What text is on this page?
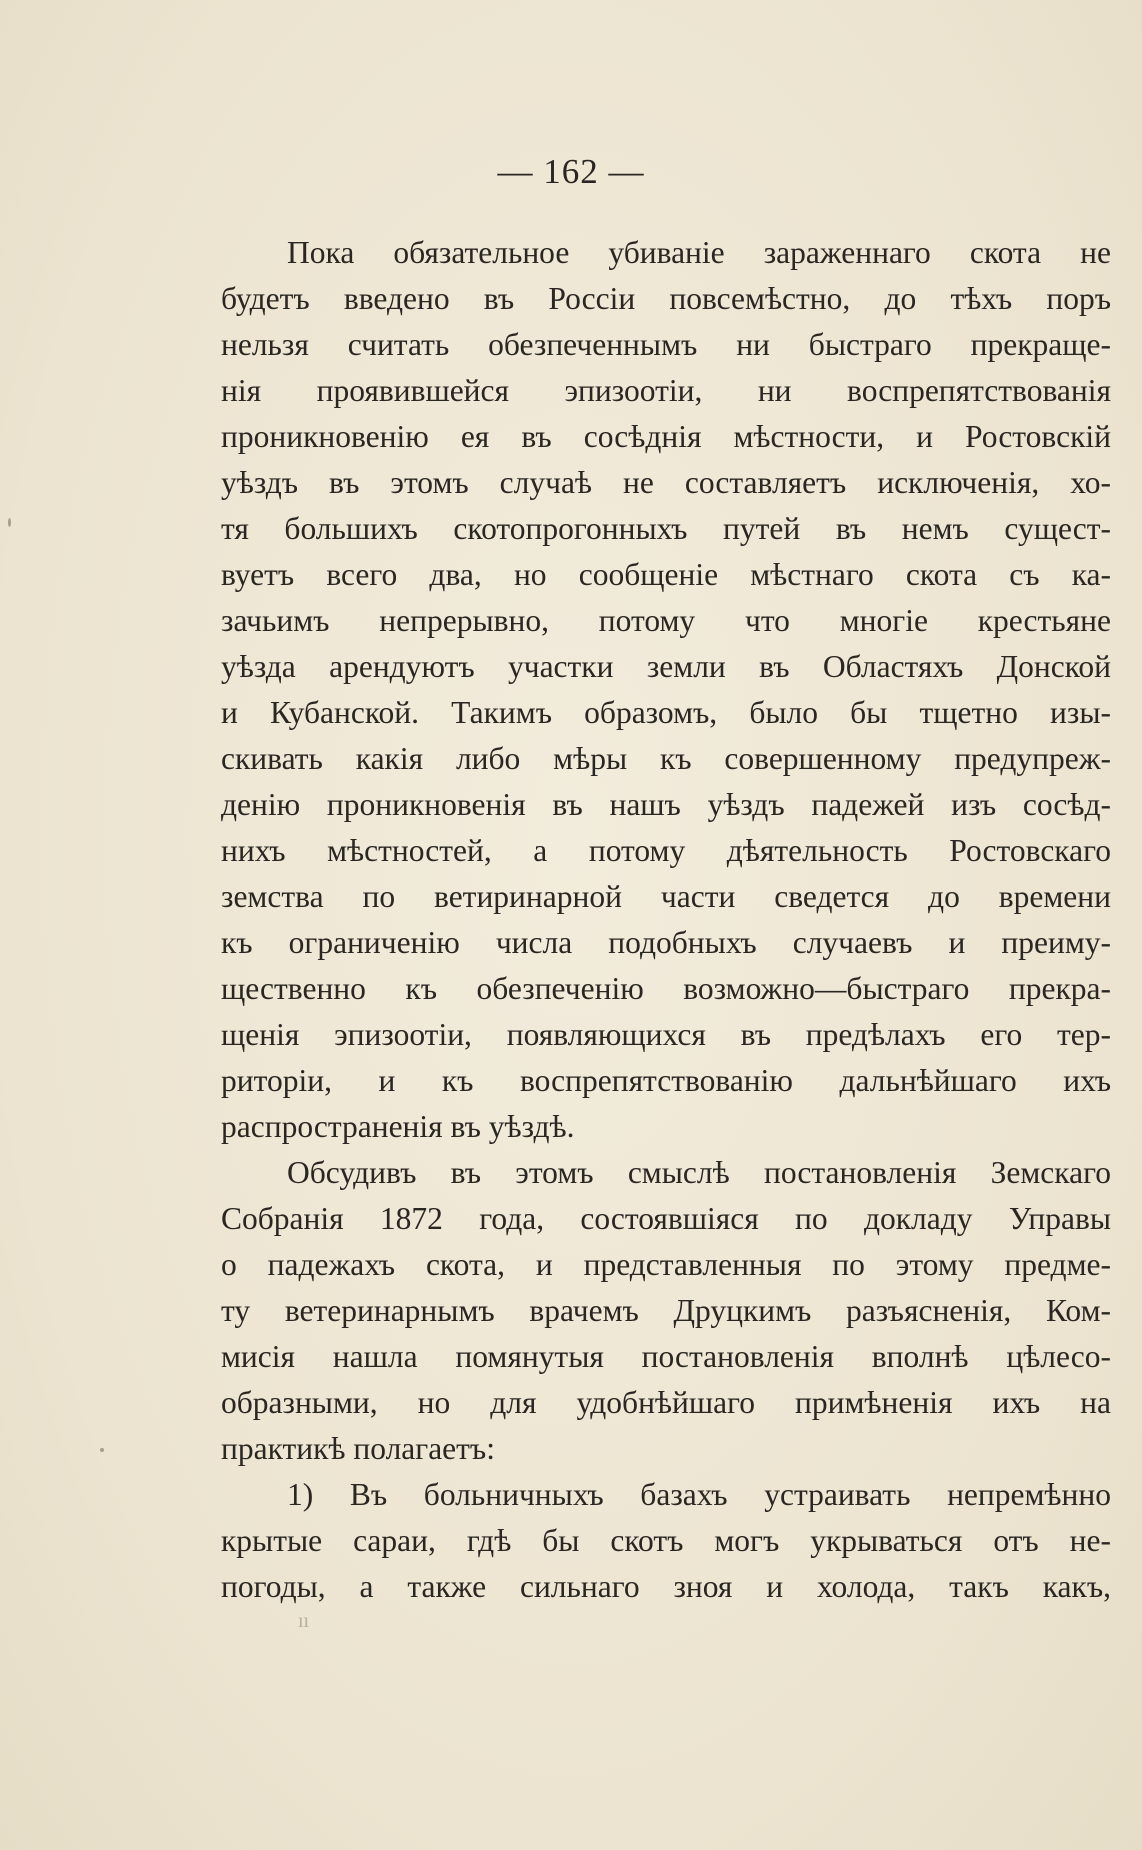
— 162 —
Пока обязательное убиваніе зараженнаго скота не
будетъ введено въ Россіи повсемѣстно, до тѣхъ поръ
нельзя считать обезпеченнымъ ни быстраго прекраще-
нія проявившейся эпизоотіи, ни воспрепятствованія
проникновенію ея въ сосѣднія мѣстности, и Ростовскій
уѣздъ въ этомъ случаѣ не составляетъ исключенія, хо-
тя большихъ скотопрогонныхъ путей въ немъ сущест-
вуетъ всего два, но сообщеніе мѣстнаго скота съ ка-
зачьимъ непрерывно, потому что многіе крестьяне
уѣзда арендуютъ участки земли въ Областяхъ Донской
и Кубанской. Такимъ образомъ, было бы тщетно изы-
скивать какія либо мѣры къ совершенному предупреж-
денію проникновенія въ нашъ уѣздъ падежей изъ сосѣд-
нихъ мѣстностей, а потому дѣятельность Ростовскаго
земства по ветиринарной части сведется до времени
къ ограниченію числа подобныхъ случаевъ и преиму-
щественно къ обезпеченію возможно—быстраго прекра-
щенія эпизоотіи, появляющихся въ предѣлахъ его тер-
риторіи, и къ воспрепятствованію дальнѣйшаго ихъ
распространенія въ уѣздѣ.
Обсудивъ въ этомъ смыслѣ постановленія Земскаго
Собранія 1872 года, состоявшіяся по докладу Управы
о падежахъ скота, и представленныя по этому предме-
ту ветеринарнымъ врачемъ Друцкимъ разъясненія, Ком-
мисія нашла помянутыя постановленія вполнѣ цѣлесо-
образными, но для удобнѣйшаго примѣненія ихъ на
практикѣ полагаетъ:
1) Въ больничныхъ базахъ устраивать непремѣнно
крытые сараи, гдѣ бы скотъ могъ укрываться отъ не-
погоды, а также сильнаго зноя и холода, такъ какъ,
ıı
